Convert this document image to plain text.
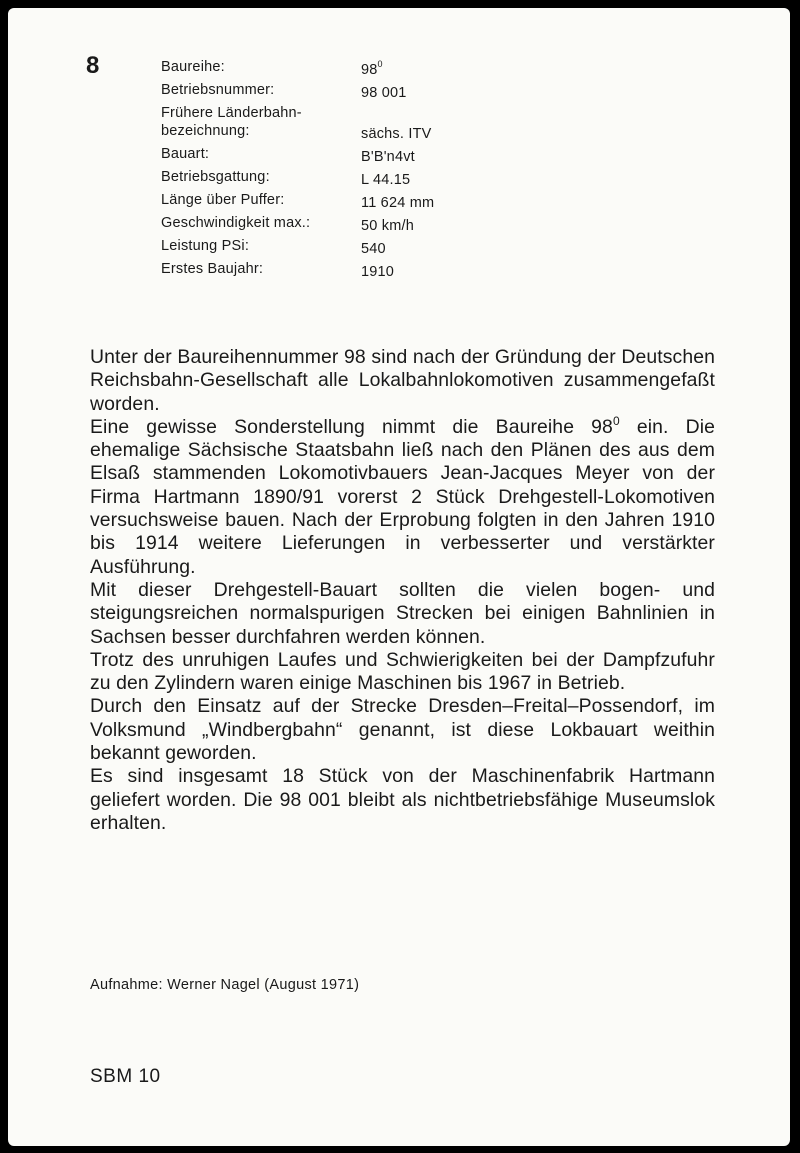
8	Baureihe:	$98^0$
Betriebsnummer:	98 001
Frühere Länderbahn-
bezeichnung:	sächs. ITV
Bauart:	B'B'n4vt
Betriebsgattung:	L 44.15
Länge über Puffer:	11 624 mm
Geschwindigkeit max.:	50 km/h
Leistung PSi:	540
Erstes Baujahr:	1910

Unter der Baureihennummer 98 sind nach der Gründung der Deutschen Reichsbahn-Gesellschaft alle Lokalbahnlokomotiven zusammengefaßt worden.

Eine gewisse Sonderstellung nimmt die Baureihe $98^0$ ein. Die ehemalige Sächsische Staatsbahn ließ nach den Plänen des aus dem Elsaß stammenden Lokomotivbauers Jean-Jacques Meyer von der Firma Hartmann 1890/91 vorerst 2 Stück Drehgestell-Lokomotiven versuchsweise bauen. Nach der Erprobung folgten in den Jahren 1910 bis 1914 weitere Lieferungen in verbesserter und verstärkter Ausführung.

Mit dieser Drehgestell-Bauart sollten die vielen bogen- und steigungsreichen normalspurigen Strecken bei einigen Bahnlinien in Sachsen besser durchfahren werden können.

Trotz des unruhigen Laufes und Schwierigkeiten bei der Dampfzufuhr zu den Zylindern waren einige Maschinen bis 1967 in Betrieb.

Durch den Einsatz auf der Strecke Dresden–Freital–Possendorf, im Volksmund „Windbergbahn“ genannt, ist diese Lokbauart weithin bekannt geworden.

Es sind insgesamt 18 Stück von der Maschinenfabrik Hartmann geliefert worden. Die 98 001 bleibt als nichtbetriebsfähige Museumslok erhalten.

Aufnahme: Werner Nagel (August 1971)
SBM 10
